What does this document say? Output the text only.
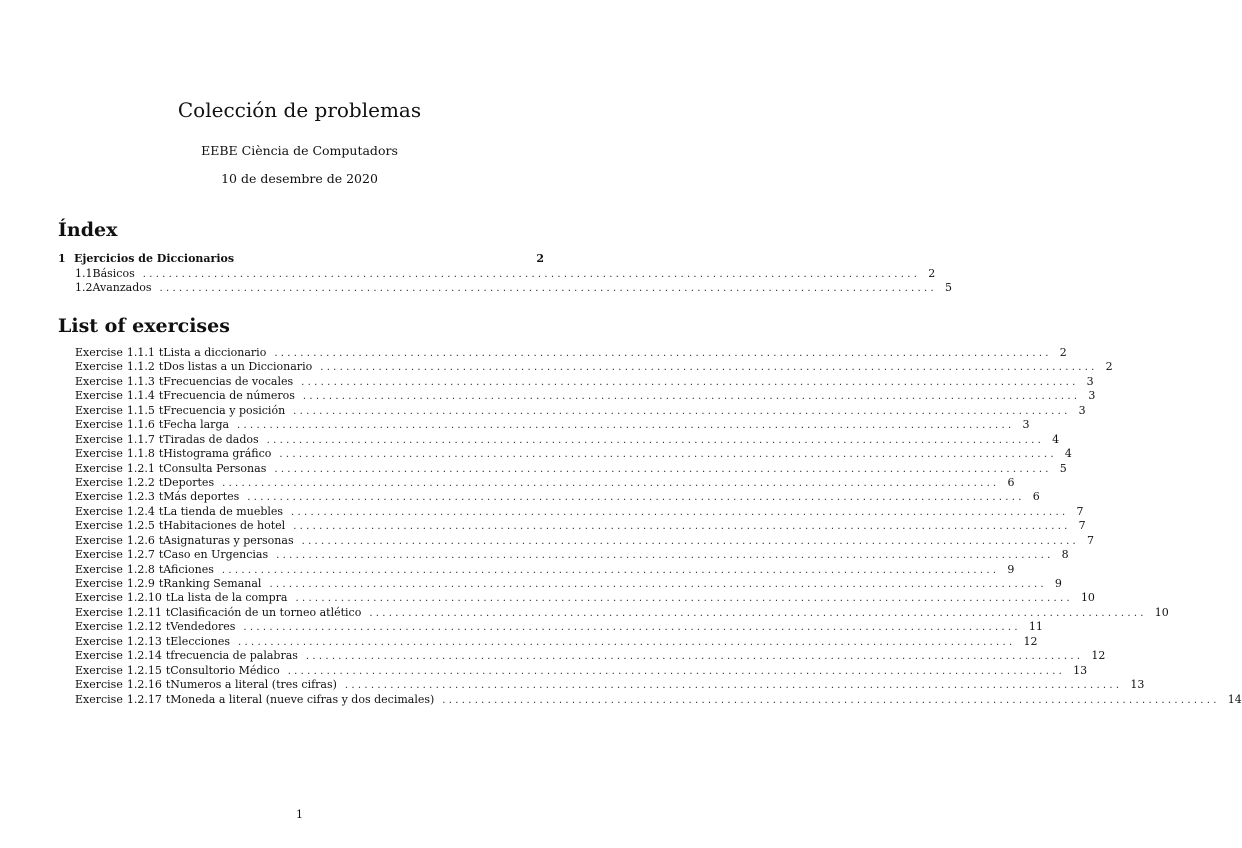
Colección de problemas
EEBE Ciència de Computadors
10 de desembre de 2020
Índex
1 Ejercicios de Diccionarios	2
1.1 Básicos ........................................................................................................................ 2
1.2 Avanzados ........................................................................................................................ 5
List of exercises
Exercise 1.1.1 tLista a diccionario ........................................................................................................................ 2
Exercise 1.1.2 tDos listas a un Diccionario ........................................................................................................................ 2
Exercise 1.1.3 tFrecuencias de vocales ........................................................................................................................ 3
Exercise 1.1.4 tFrecuencia de números ........................................................................................................................ 3
Exercise 1.1.5 tFrecuencia y posición ........................................................................................................................ 3
Exercise 1.1.6 tFecha larga ........................................................................................................................ 3
Exercise 1.1.7 tTiradas de dados ........................................................................................................................ 4
Exercise 1.1.8 tHistograma gráfico ........................................................................................................................ 4
Exercise 1.2.1 tConsulta Personas ........................................................................................................................ 5
Exercise 1.2.2 tDeportes ........................................................................................................................ 6
Exercise 1.2.3 tMás deportes ........................................................................................................................ 6
Exercise 1.2.4 tLa tienda de muebles ........................................................................................................................ 7
Exercise 1.2.5 tHabitaciones de hotel ........................................................................................................................ 7
Exercise 1.2.6 tAsignaturas y personas ........................................................................................................................ 7
Exercise 1.2.7 tCaso en Urgencias ........................................................................................................................ 8
Exercise 1.2.8 tAficiones ........................................................................................................................ 9
Exercise 1.2.9 tRanking Semanal ........................................................................................................................ 9
Exercise 1.2.10 tLa lista de la compra ........................................................................................................................ 10
Exercise 1.2.11 tClasificación de un torneo atlético ........................................................................................................................ 10
Exercise 1.2.12 tVendedores ........................................................................................................................ 11
Exercise 1.2.13 tElecciones ........................................................................................................................ 12
Exercise 1.2.14 tfrecuencia de palabras ........................................................................................................................ 12
Exercise 1.2.15 tConsultorio Médico ........................................................................................................................ 13
Exercise 1.2.16 tNumeros a literal (tres cifras) ........................................................................................................................ 13
Exercise 1.2.17 tMoneda a literal (nueve cifras y dos decimales) ........................................................................................................................ 14
1
